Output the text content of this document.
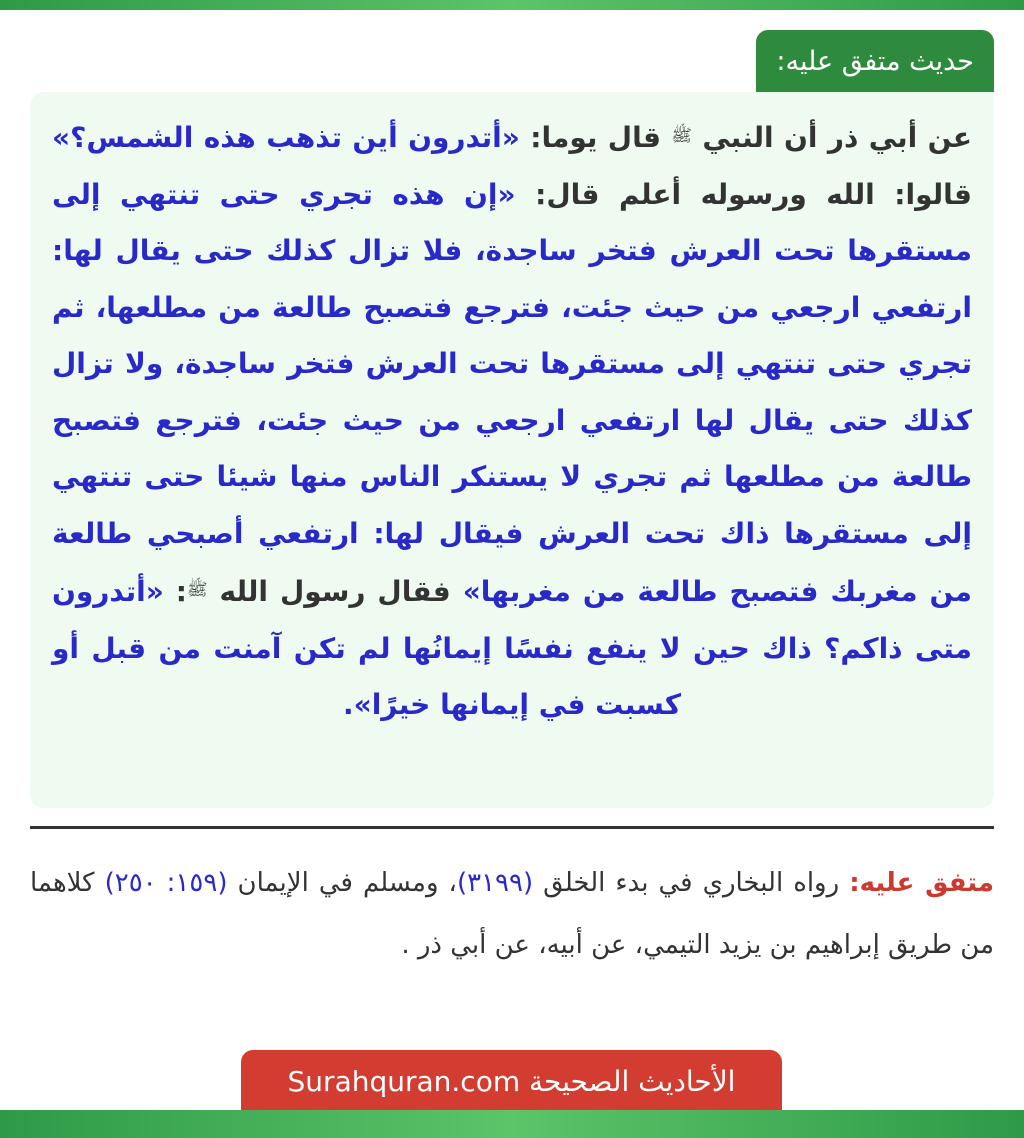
حديث متفق عليه:

عن أبي ذر أن النبي $^ﷺ$ قال يوما: «أتدرون أين تذهب هذه الشمس؟» قالوا: الله ورسوله أعلم قال: «إن هذه تجري حتى تنتهي إلى مستقرها تحت العرش فتخر ساجدة، فلا تزال كذلك حتى يقال لها: ارتفعي ارجعي من حيث جئت، فترجع فتصبح طالعة من مطلعها، ثم تجري حتى تنتهي إلى مستقرها تحت العرش فتخر ساجدة، ولا تزال كذلك حتى يقال لها ارتفعي ارجعي من حيث جئت، فترجع فتصبح طالعة من مطلعها ثم تجري لا يستنكر الناس منها شيئا حتى تنتهي إلى مستقرها ذاك تحت العرش فيقال لها: ارتفعي أصبحي طالعة من مغربك فتصبح طالعة من مغربها» فقال رسول الله $^ﷺ$: «أتدرون متى ذاكم؟ ذاك حين لا ينفع نفسًا إيمانُها لم تكن آمنت من قبل أو كسبت في إيمانها خيرًا».

متفق عليه: رواه البخاري في بدء الخلق (٣١٩٩)، ومسلم في الإيمان (١٥٩: ٢٥٠) كلاهما من طريق إبراهيم بن يزيد التيمي، عن أبيه، عن أبي ذر .

Surahquran.com الأحاديث الصحيحة
